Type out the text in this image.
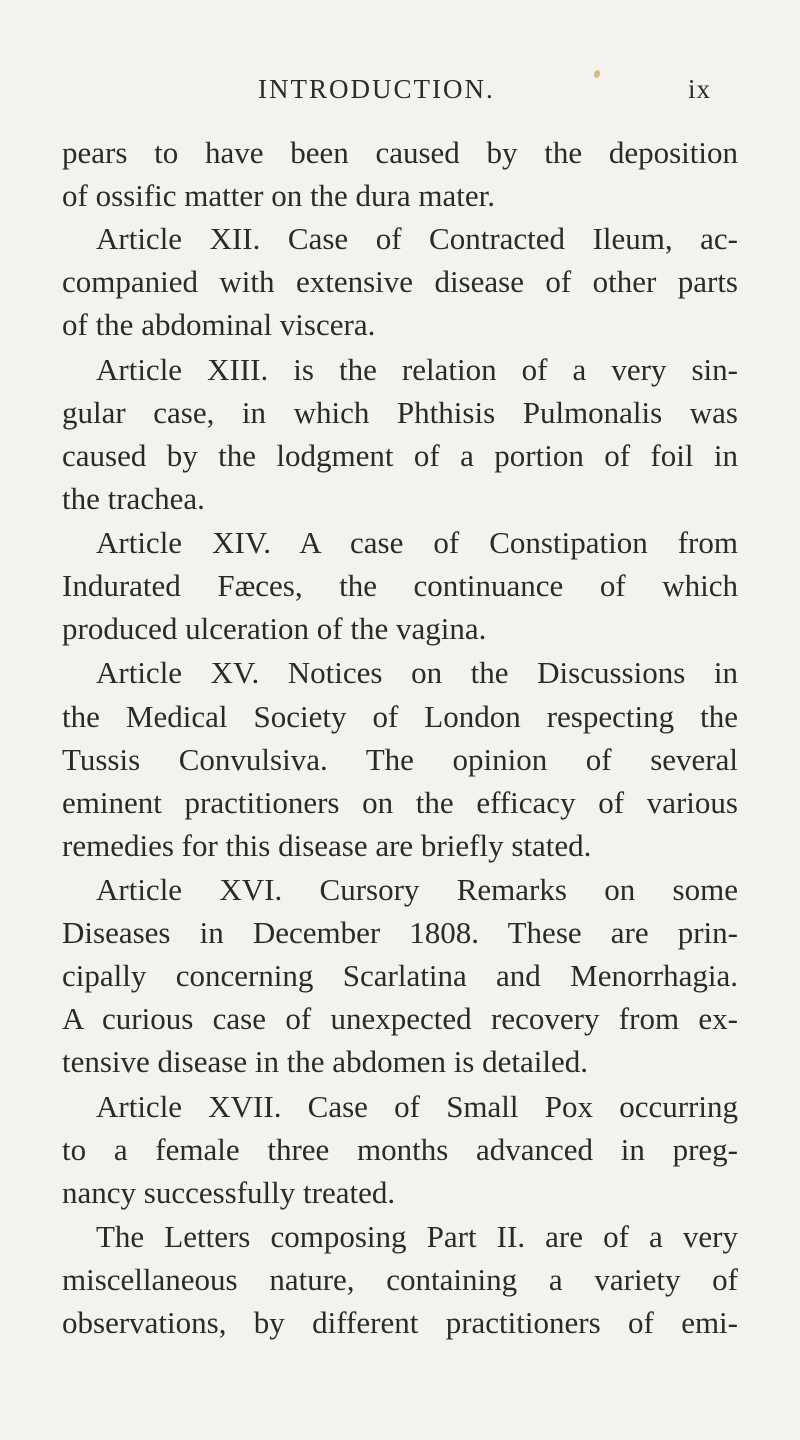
INTRODUCTION.	ix
pears to have been caused by the deposition
of ossific matter on the dura mater.
Article XII. Case of Contracted Ileum, ac-
companied with extensive disease of other parts
of the abdominal viscera.
Article XIII. is the relation of a very sin-
gular case, in which Phthisis Pulmonalis was
caused by the lodgment of a portion of foil in
the trachea.
Article XIV. A case of Constipation from
Indurated Fæces, the continuance of which
produced ulceration of the vagina.
Article XV. Notices on the Discussions in
the Medical Society of London respecting the
Tussis Convulsiva. The opinion of several
eminent practitioners on the efficacy of various
remedies for this disease are briefly stated.
Article XVI. Cursory Remarks on some
Diseases in December 1808. These are prin-
cipally concerning Scarlatina and Menorrhagia.
A curious case of unexpected recovery from ex-
tensive disease in the abdomen is detailed.
Article XVII. Case of Small Pox occurring
to a female three months advanced in preg-
nancy successfully treated.
The Letters composing Part II. are of a very
miscellaneous nature, containing a variety of
observations, by different practitioners of emi-
